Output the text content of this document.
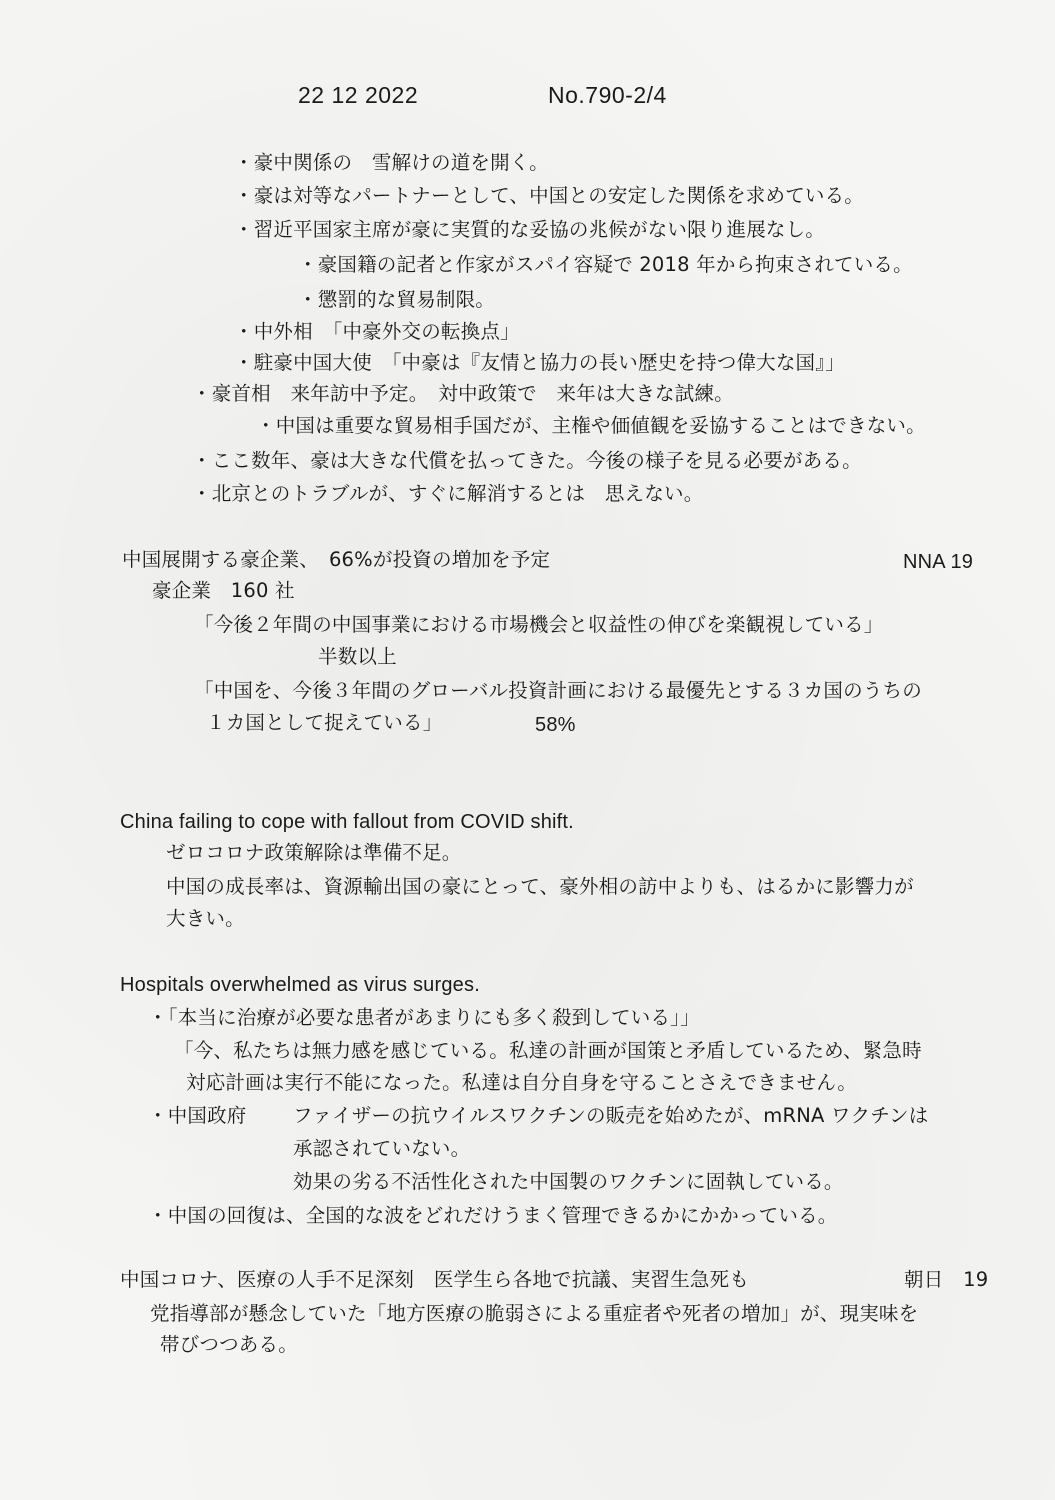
22 12 2022	No.790-2/4
・豪中関係の　雪解けの道を開く。
・豪は対等なパートナーとして、中国との安定した関係を求めている。
・習近平国家主席が豪に実質的な妥協の兆候がない限り進展なし。
・豪国籍の記者と作家がスパイ容疑で 2018 年から拘束されている。
・懲罰的な貿易制限。
・中外相　「中豪外交の転換点」
・駐豪中国大使　「中豪は『友情と協力の長い歴史を持つ偉大な国』」
・豪首相　来年訪中予定。　対中政策で　来年は大きな試練。
・中国は重要な貿易相手国だが、主権や価値観を妥協することはできない。
・ここ数年、豪は大きな代償を払ってきた。今後の様子を見る必要がある。
・北京とのトラブルが、すぐに解消するとは　思えない。
中国展開する豪企業、　66%が投資の増加を予定	NNA 19
豪企業　160 社
「今後２年間の中国事業における市場機会と収益性の伸びを楽観視している」
半数以上
「中国を、今後３年間のグローバル投資計画における最優先とする３カ国のうちの
１カ国として捉えている」	58%
China failing to cope with fallout from COVID shift.
ゼロコロナ政策解除は準備不足。
中国の成長率は、資源輸出国の豪にとって、豪外相の訪中よりも、はるかに影響力が
大きい。
Hospitals overwhelmed as virus surges.
・「本当に治療が必要な患者があまりにも多く殺到している」」
「今、私たちは無力感を感じている。私達の計画が国策と矛盾しているため、緊急時
対応計画は実行不能になった。私達は自分自身を守ることさえできません。
・中国政府 ファイザーの抗ウイルスワクチンの販売を始めたが、mRNA ワクチンは
承認されていない。
効果の劣る不活性化された中国製のワクチンに固執している。
・中国の回復は、全国的な波をどれだけうまく管理できるかにかかっている。
中国コロナ、医療の人手不足深刻　医学生ら各地で抗議、実習生急死も	朝日　19
党指導部が懸念していた「地方医療の脆弱さによる重症者や死者の増加」が、現実味を
帯びつつある。
